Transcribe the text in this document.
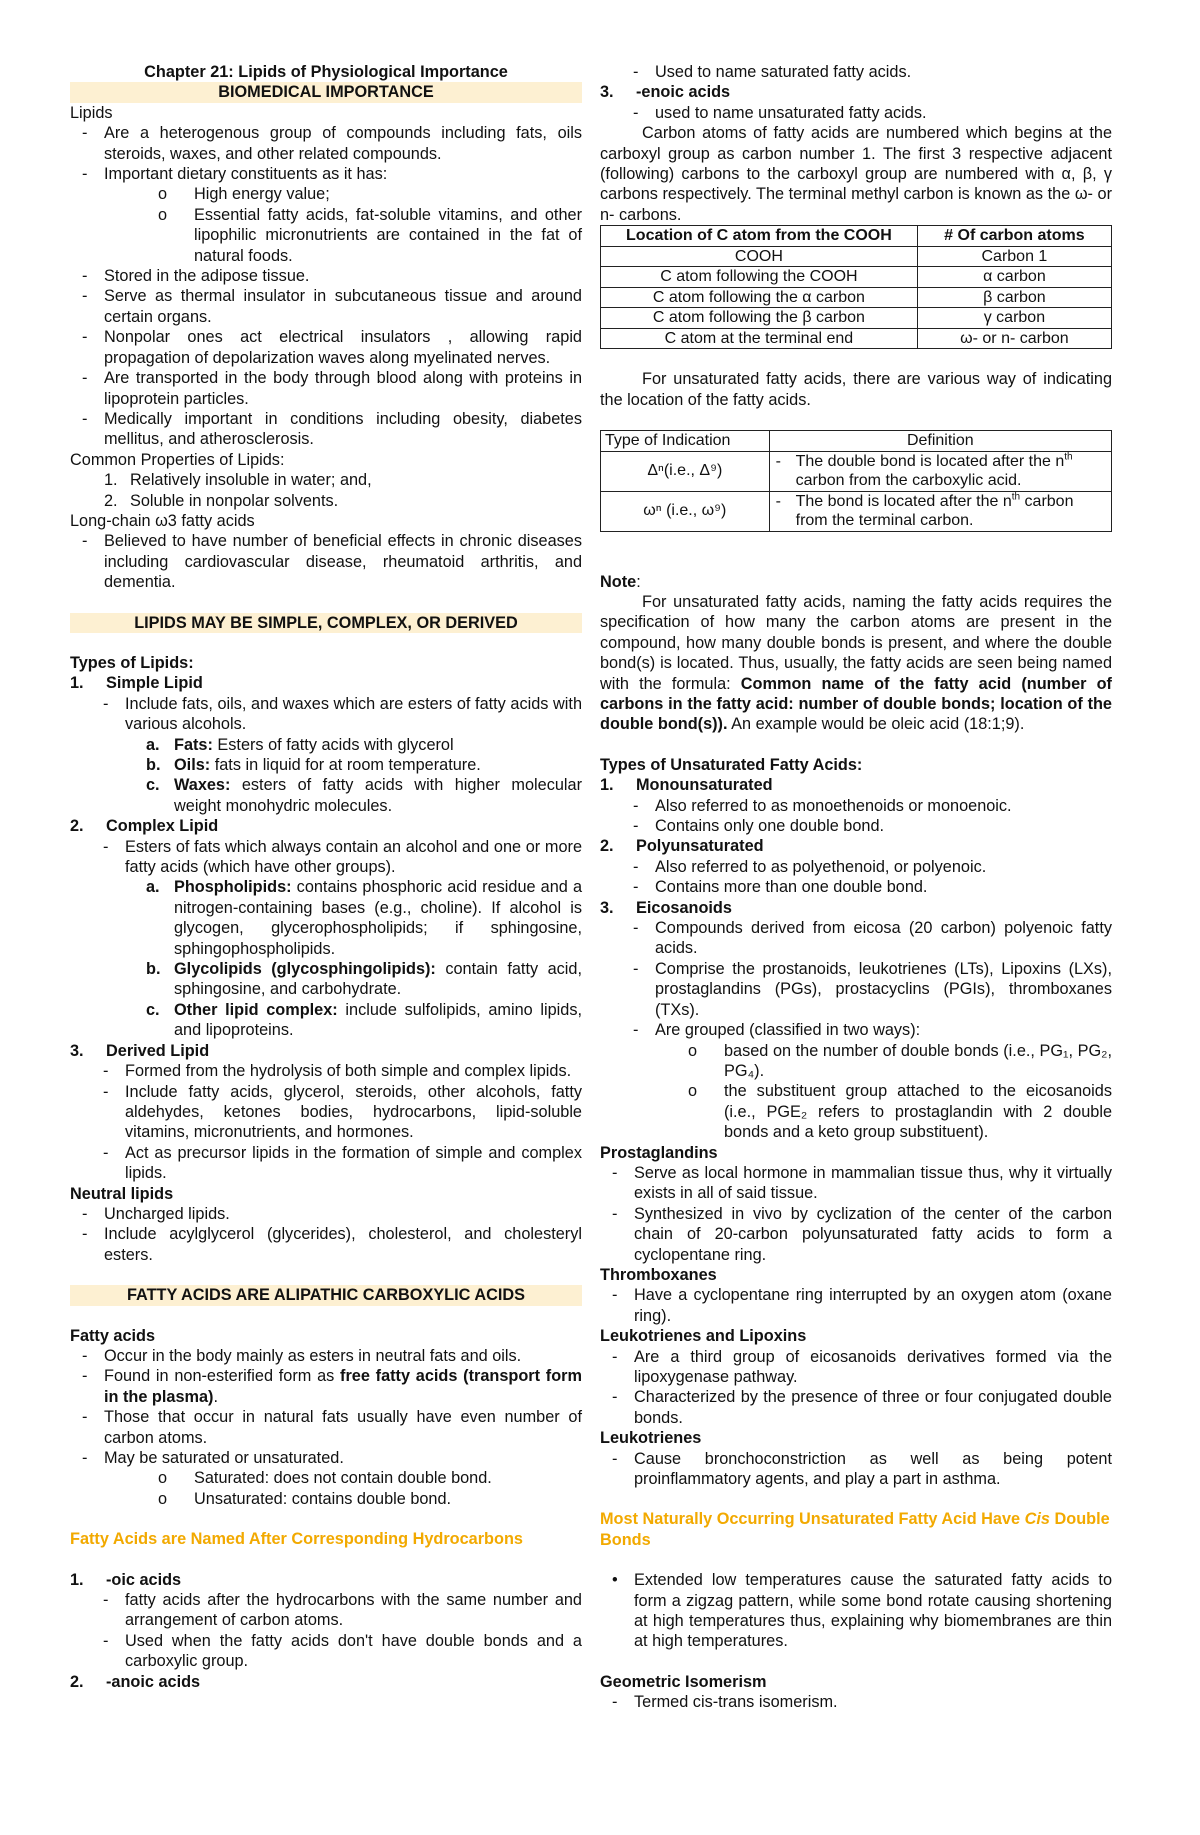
Chapter 21: Lipids of Physiological Importance

BIOMEDICAL IMPORTANCE

Lipids

-	Are a heterogenous group of compounds including fats, oils steroids, waxes, and other related compounds.
-	Important dietary constituents as it has:
o	High energy value;
o	Essential fatty acids, fat-soluble vitamins, and other lipophilic micronutrients are contained in the fat of natural foods.
-	Stored in the adipose tissue.
-	Serve as thermal insulator in subcutaneous tissue and around certain organs.
-	Nonpolar ones act electrical insulators , allowing rapid propagation of depolarization waves along myelinated nerves.
-	Are transported in the body through blood along with proteins in lipoprotein particles.
-	Medically important in conditions including obesity, diabetes mellitus, and atherosclerosis.

Common Properties of Lipids:

1. Relatively insoluble in water; and,
2. Soluble in nonpolar solvents.

Long-chain ω3 fatty acids

-	Believed to have number of beneficial effects in chronic diseases including cardiovascular disease, rheumatoid arthritis, and dementia.

LIPIDS MAY BE SIMPLE, COMPLEX, OR DERIVED

Types of Lipids:

1.	Simple Lipid
-	Include fats, oils, and waxes which are esters of fatty acids with various alcohols.
a. Fats: Esters of fatty acids with glycerol
b. Oils: fats in liquid for at room temperature.
c. Waxes: esters of fatty acids with higher molecular weight monohydric molecules.
2.	Complex Lipid
-	Esters of fats which always contain an alcohol and one or more fatty acids (which have other groups).
a. Phospholipids: contains phosphoric acid residue and a nitrogen-containing bases (e.g., choline). If alcohol is glycogen, glycerophospholipids; if sphingosine, sphingophospholipids.
b. Glycolipids (glycosphingolipids): contain fatty acid, sphingosine, and carbohydrate.
c. Other lipid complex: include sulfolipids, amino lipids, and lipoproteins.
3.	Derived Lipid
-	Formed from the hydrolysis of both simple and complex lipids.
-	Include fatty acids, glycerol, steroids, other alcohols, fatty aldehydes, ketones bodies, hydrocarbons, lipid-soluble vitamins, micronutrients, and hormones.
-	Act as precursor lipids in the formation of simple and complex lipids.

Neutral lipids

-	Uncharged lipids.
-	Include acylglycerol (glycerides), cholesterol, and cholesteryl esters.

FATTY ACIDS ARE ALIPATHIC CARBOXYLIC ACIDS

Fatty acids

-	Occur in the body mainly as esters in neutral fats and oils.
-	Found in non-esterified form as free fatty acids (transport form in the plasma).
-	Those that occur in natural fats usually have even number of carbon atoms.
-	May be saturated or unsaturated.
o	Saturated: does not contain double bond.
o	Unsaturated: contains double bond.

Fatty Acids are Named After Corresponding Hydrocarbons

1.	-oic acids
-	fatty acids after the hydrocarbons with the same number and arrangement of carbon atoms.
-	Used when the fatty acids don't have double bonds and a carboxylic group.
2.	-anoic acids
-	Used to name saturated fatty acids.
3.	-enoic acids
-	used to name unsaturated fatty acids.

Carbon atoms of fatty acids are numbered which begins at the carboxyl group as carbon number 1. The first 3 respective adjacent (following) carbons to the carboxyl group are numbered with α, β, γ carbons respectively. The terminal methyl carbon is known as the ω- or n- carbons.

Location of C atom from the COOH	# Of carbon atoms
COOH	Carbon 1
C atom following the COOH	α carbon
C atom following the α carbon	β carbon
C atom following the β carbon	γ carbon
C atom at the terminal end	ω- or n- carbon

For unsaturated fatty acids, there are various way of indicating the location of the fatty acids.

Type of Indication	Definition
Δⁿ(i.e., Δ⁹)	- The double bond is located after the $n^{th}$ carbon from the carboxylic acid.

ωⁿ (i.e., ω⁹)	- The bond is located after the $n^{th}$ carbon from the terminal carbon.

Note:

For unsaturated fatty acids, naming the fatty acids requires the specification of how many the carbon atoms are present in the compound, how many double bonds is present, and where the double bond(s) is located. Thus, usually, the fatty acids are seen being named with the formula: Common name of the fatty acid (number of carbons in the fatty acid: number of double bonds; location of the double bond(s)). An example would be oleic acid (18:1;9).

Types of Unsaturated Fatty Acids:

1.	Monounsaturated
-	Also referred to as monoethenoids or monoenoic.
-	Contains only one double bond.
2.	Polyunsaturated
-	Also referred to as polyethenoid, or polyenoic.
-	Contains more than one double bond.
3.	Eicosanoids
-	Compounds derived from eicosa (20 carbon) polyenoic fatty acids.
-	Comprise the prostanoids, leukotrienes (LTs), Lipoxins (LXs), prostaglandins (PGs), prostacyclins (PGIs), thromboxanes (TXs).
-	Are grouped (classified in two ways):
o	based on the number of double bonds (i.e., PG₁, PG₂, PG₄).
o	the substituent group attached to the eicosanoids (i.e., PGE₂ refers to prostaglandin with 2 double bonds and a keto group substituent).

Prostaglandins

-	Serve as local hormone in mammalian tissue thus, why it virtually exists in all of said tissue.
-	Synthesized in vivo by cyclization of the center of the carbon chain of 20-carbon polyunsaturated fatty acids to form a cyclopentane ring.

Thromboxanes

-	Have a cyclopentane ring interrupted by an oxygen atom (oxane ring).

Leukotrienes and Lipoxins

-	Are a third group of eicosanoids derivatives formed via the lipoxygenase pathway.
-	Characterized by the presence of three or four conjugated double bonds.

Leukotrienes

-	Cause bronchoconstriction as well as being potent proinflammatory agents, and play a part in asthma.

Most Naturally Occurring Unsaturated Fatty Acid Have Cis Double Bonds

• Extended low temperatures cause the saturated fatty acids to form a zigzag pattern, while some bond rotate causing shortening at high temperatures thus, explaining why biomembranes are thin at high temperatures.

Geometric Isomerism

-	Termed cis-trans isomerism.
